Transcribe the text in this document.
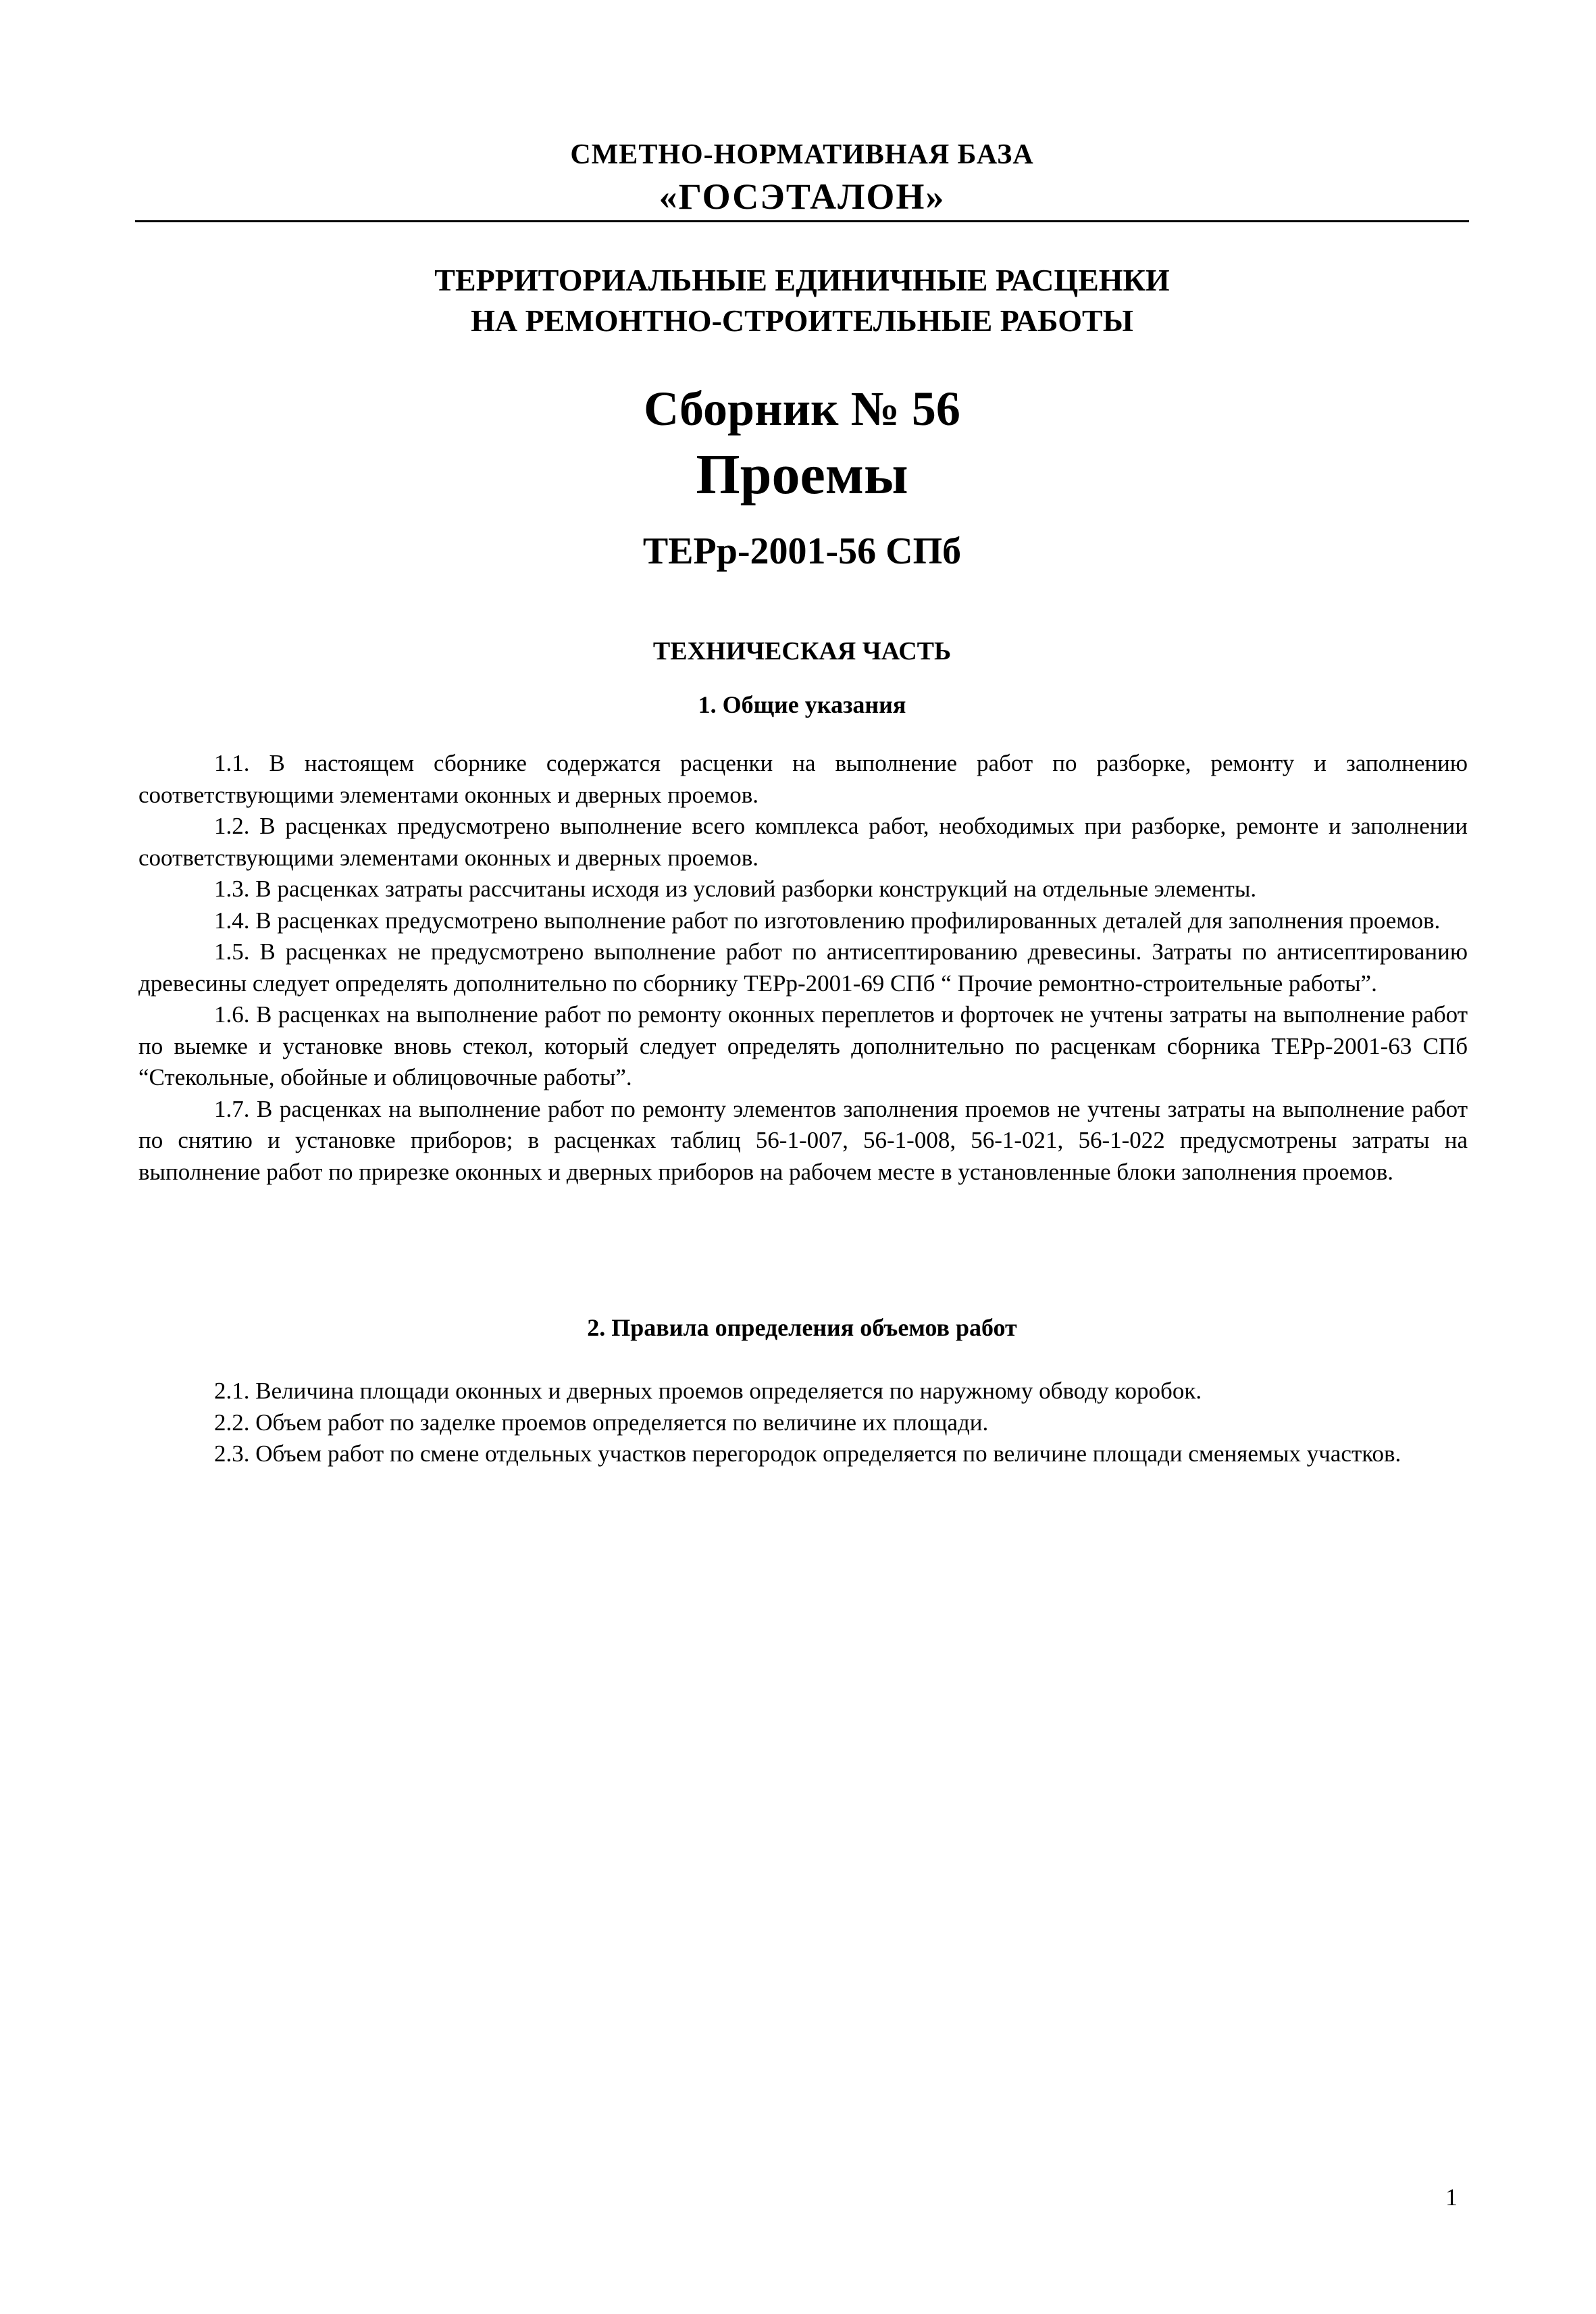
СМЕТНО-НОРМАТИВНАЯ БАЗА
«ГОСЭТАЛОН»
ТЕРРИТОРИАЛЬНЫЕ ЕДИНИЧНЫЕ РАСЦЕНКИ
НА РЕМОНТНО-СТРОИТЕЛЬНЫЕ РАБОТЫ
Сборник № 56
Проемы
ТЕРр-2001-56 СПб
ТЕХНИЧЕСКАЯ ЧАСТЬ
1. Общие указания

1.1. В настоящем сборнике содержатся расценки на выполнение работ по разборке, ремонту и заполнению соответствующими элементами оконных и дверных проемов.

1.2. В расценках предусмотрено выполнение всего комплекса работ, необходимых при разборке, ремонте и заполнении соответствующими элементами оконных и дверных проемов.

1.3. В расценках затраты рассчитаны исходя из условий разборки конструкций на отдельные элементы.

1.4. В расценках предусмотрено выполнение работ по изготовлению профилированных деталей для заполнения проемов.

1.5. В расценках не предусмотрено выполнение работ по антисептированию древесины. Затраты по антисептированию древесины следует определять дополнительно по сборнику ТЕРр-2001-69 СПб “ Прочие ремонтно-строительные работы”.

1.6. В расценках на выполнение работ по ремонту оконных переплетов и форточек не учтены затраты на выполнение работ по выемке и установке вновь стекол, который следует определять дополнительно по расценкам сборника ТЕРр-2001-63 СПб “Стекольные, обойные и облицовочные работы”.

1.7. В расценках на выполнение работ по ремонту элементов заполнения проемов не учтены затраты на выполнение работ по снятию и установке приборов; в расценках таблиц 56-1-007, 56-1-008, 56-1-021, 56-1-022 предусмотрены затраты на выполнение работ по прирезке оконных и дверных приборов на рабочем месте в установленные блоки заполнения проемов.

2. Правила определения объемов работ

2.1. Величина площади оконных и дверных проемов определяется по наружному обводу коробок.

2.2. Объем работ по заделке проемов определяется по величине их площади.

2.3. Объем работ по смене отдельных участков перегородок определяется по величине площади сменяемых участков.

1
